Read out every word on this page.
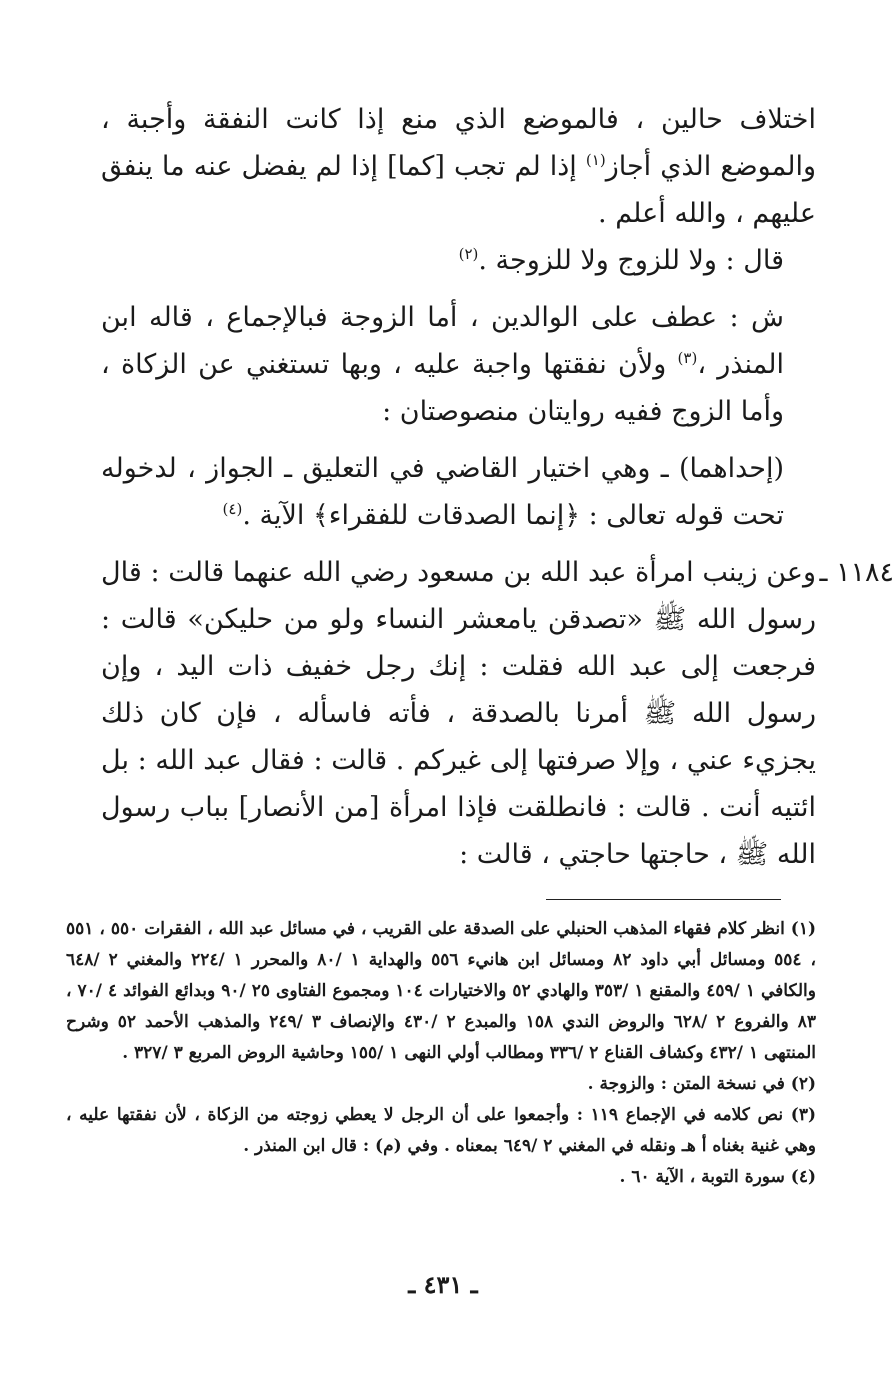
اختلاف حالين ، فالموضع الذي منع إذا كانت النفقة وأجبة ، والموضع الذي أجاز$^{(١)}$ إذا لم تجب [كما] إذا لم يفضل عنه ما ينفق عليهم ، والله أعلم .

قال : ولا للزوج ولا للزوجة .$^{(٢)}$

ش : عطف على الوالدين ، أما الزوجة فبالإجماع ، قاله ابن المنذر ،$^{(٣)}$ ولأن نفقتها واجبة عليه ، وبها تستغني عن الزكاة ، وأما الزوج ففيه روايتان منصوصتان :

(إحداهما) ـ وهي اختيار القاضي في التعليق ـ الجواز ، لدخوله تحت قوله تعالى : ﴿إنما الصدقات للفقراء﴾ الآية .$^{(٤)}$

١١٨٤ ـ
وعن زينب امرأة عبد الله بن مسعود رضي الله عنهما قالت : قال رسول الله ﷺ «تصدقن يامعشر النساء ولو من حليكن» قالت : فرجعت إلى عبد الله فقلت : إنك رجل خفيف ذات اليد ، وإن رسول الله ﷺ أمرنا بالصدقة ، فأته فاسأله ، فإن كان ذلك يجزيء عني ، وإلا صرفتها إلى غيركم . قالت : فقال عبد الله : بل ائتيه أنت . قالت : فانطلقت فإذا امرأة [من الأنصار] بباب رسول الله ﷺ ، حاجتها حاجتي ، قالت :

(١) انظر كلام فقهاء المذهب الحنبلي على الصدقة على القريب ، في مسائل عبد الله ، الفقرات ٥٥٠ ، ٥٥١ ، ٥٥٤ ومسائل أبي داود ٨٢ ومسائل ابن هانيء ٥٥٦ والهداية ١ /٨٠ والمحرر ١ /٢٢٤ والمغني ٢ /٦٤٨ والكافي ١ /٤٥٩ والمقنع ١ /٣٥٣ والهادي ٥٢ والاختيارات ١٠٤ ومجموع الفتاوى ٢٥ /٩٠ وبدائع الفوائد ٤ /٧٠ ، ٨٣ والفروع ٢ /٦٢٨ والروض الندي ١٥٨ والمبدع ٢ /٤٣٠ والإنصاف ٣ /٢٤٩ والمذهب الأحمد ٥٢ وشرح المنتهى ١ /٤٣٢ وكشاف القناع ٢ /٣٣٦ ومطالب أولي النهى ١ /١٥٥ وحاشية الروض المربع ٣ /٣٢٧ .

(٢) في نسخة المتن : والزوجة .

(٣) نص كلامه في الإجماع ١١٩ : وأجمعوا على أن الرجل لا يعطي زوجته من الزكاة ، لأن نفقتها عليه ، وهي غنية بغناه أ هـ ونقله في المغني ٢ /٦٤٩ بمعناه . وفي (م) : قال ابن المنذر .

(٤) سورة التوبة ، الآية ٦٠ .

ـ ٤٣١ ـ
